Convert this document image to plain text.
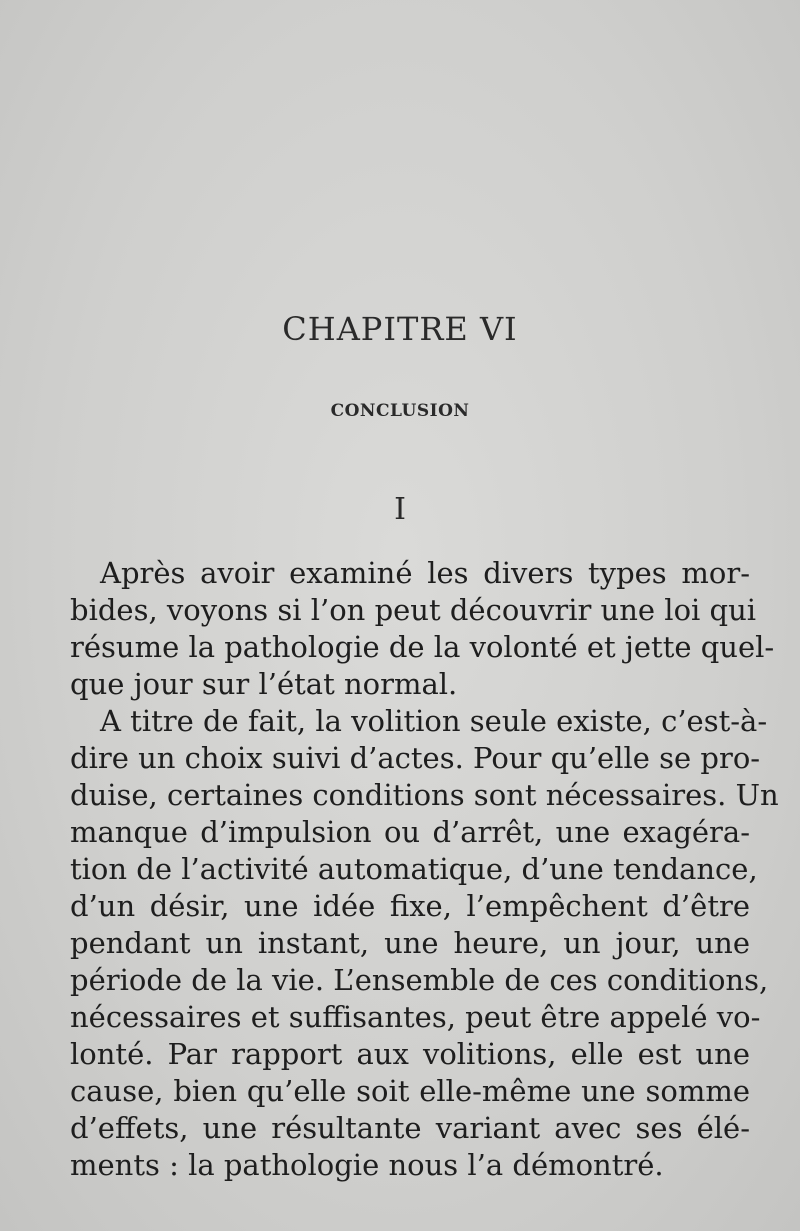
CHAPITRE VI
CONCLUSION
I
Après avoir examiné les divers types mor-
bides, voyons si l’on peut découvrir une loi qui
résume la pathologie de la volonté et jette quel-
que jour sur l’état normal.
A titre de fait, la volition seule existe, c’est-à-
dire un choix suivi d’actes. Pour qu’elle se pro-
duise, certaines conditions sont nécessaires. Un
manque d’impulsion ou d’arrêt, une exagéra-
tion de l’activité automatique, d’une tendance,
d’un désir, une idée fixe, l’empêchent d’être
pendant un instant, une heure, un jour, une
période de la vie. L’ensemble de ces conditions,
nécessaires et suffisantes, peut être appelé vo-
lonté. Par rapport aux volitions, elle est une
cause, bien qu’elle soit elle-même une somme
d’effets, une résultante variant avec ses élé-
ments : la pathologie nous l’a démontré.
